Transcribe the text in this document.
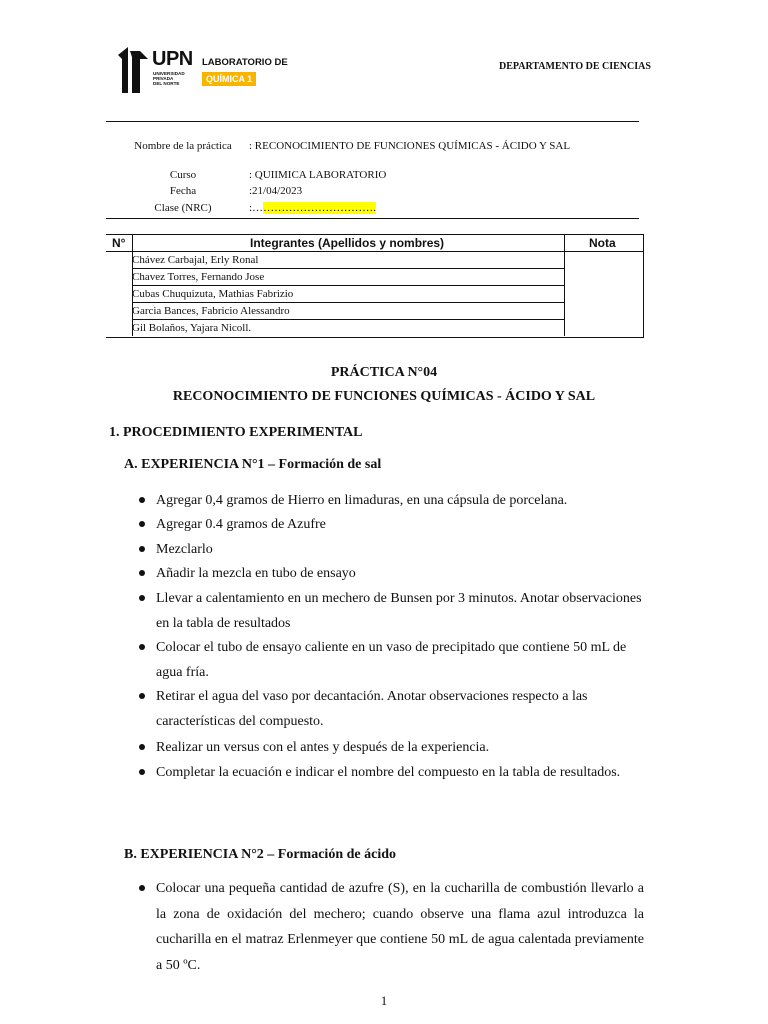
UPN LABORATORIO DE
UNIVERSIDAD
PRIVADA
DEL NORTE	QUÍMICA 1
DEPARTAMENTO DE CIENCIAS
Nombre de la práctica : RECONOCIMIENTO DE FUNCIONES QUÍMICAS - ÁCIDO Y SAL
Curso	: QUIIMICA LABORATORIO
Fecha	:21/04/2023
Clase (NRC)	:…………………………….
N°	Integrantes (Apellidos y nombres)	Nota
Chávez Carbajal, Erly Ronal
Chavez Torres, Fernando Jose
Cubas Chuquizuta, Mathias Fabrizio
Garcia Bances, Fabricio Alessandro
Gil Bolaños, Yajara Nicoll.
PRÁCTICA N°04
RECONOCIMIENTO DE FUNCIONES QUÍMICAS - ÁCIDO Y SAL
1. PROCEDIMIENTO EXPERIMENTAL
A. EXPERIENCIA N°1 – Formación de sal
Agregar 0,4 gramos de Hierro en limaduras, en una cápsula de porcelana.
Agregar 0.4 gramos de Azufre
Mezclarlo
Añadir la mezcla en tubo de ensayo
Llevar a calentamiento en un mechero de Bunsen por 3 minutos. Anotar observaciones en la tabla de resultados
Colocar el tubo de ensayo caliente en un vaso de precipitado que contiene 50 mL de agua fría.
Retirar el agua del vaso por decantación. Anotar observaciones respecto a las características del compuesto.
Realizar un versus con el antes y después de la experiencia.
Completar la ecuación e indicar el nombre del compuesto en la tabla de resultados.
B. EXPERIENCIA N°2 – Formación de ácido
Colocar una pequeña cantidad de azufre (S), en la cucharilla de combustión llevarlo a la zona de oxidación del mechero; cuando observe una flama azul introduzca la cucharilla en el matraz Erlenmeyer que contiene 50 mL de agua calentada previamente a 50 ºC.
1
